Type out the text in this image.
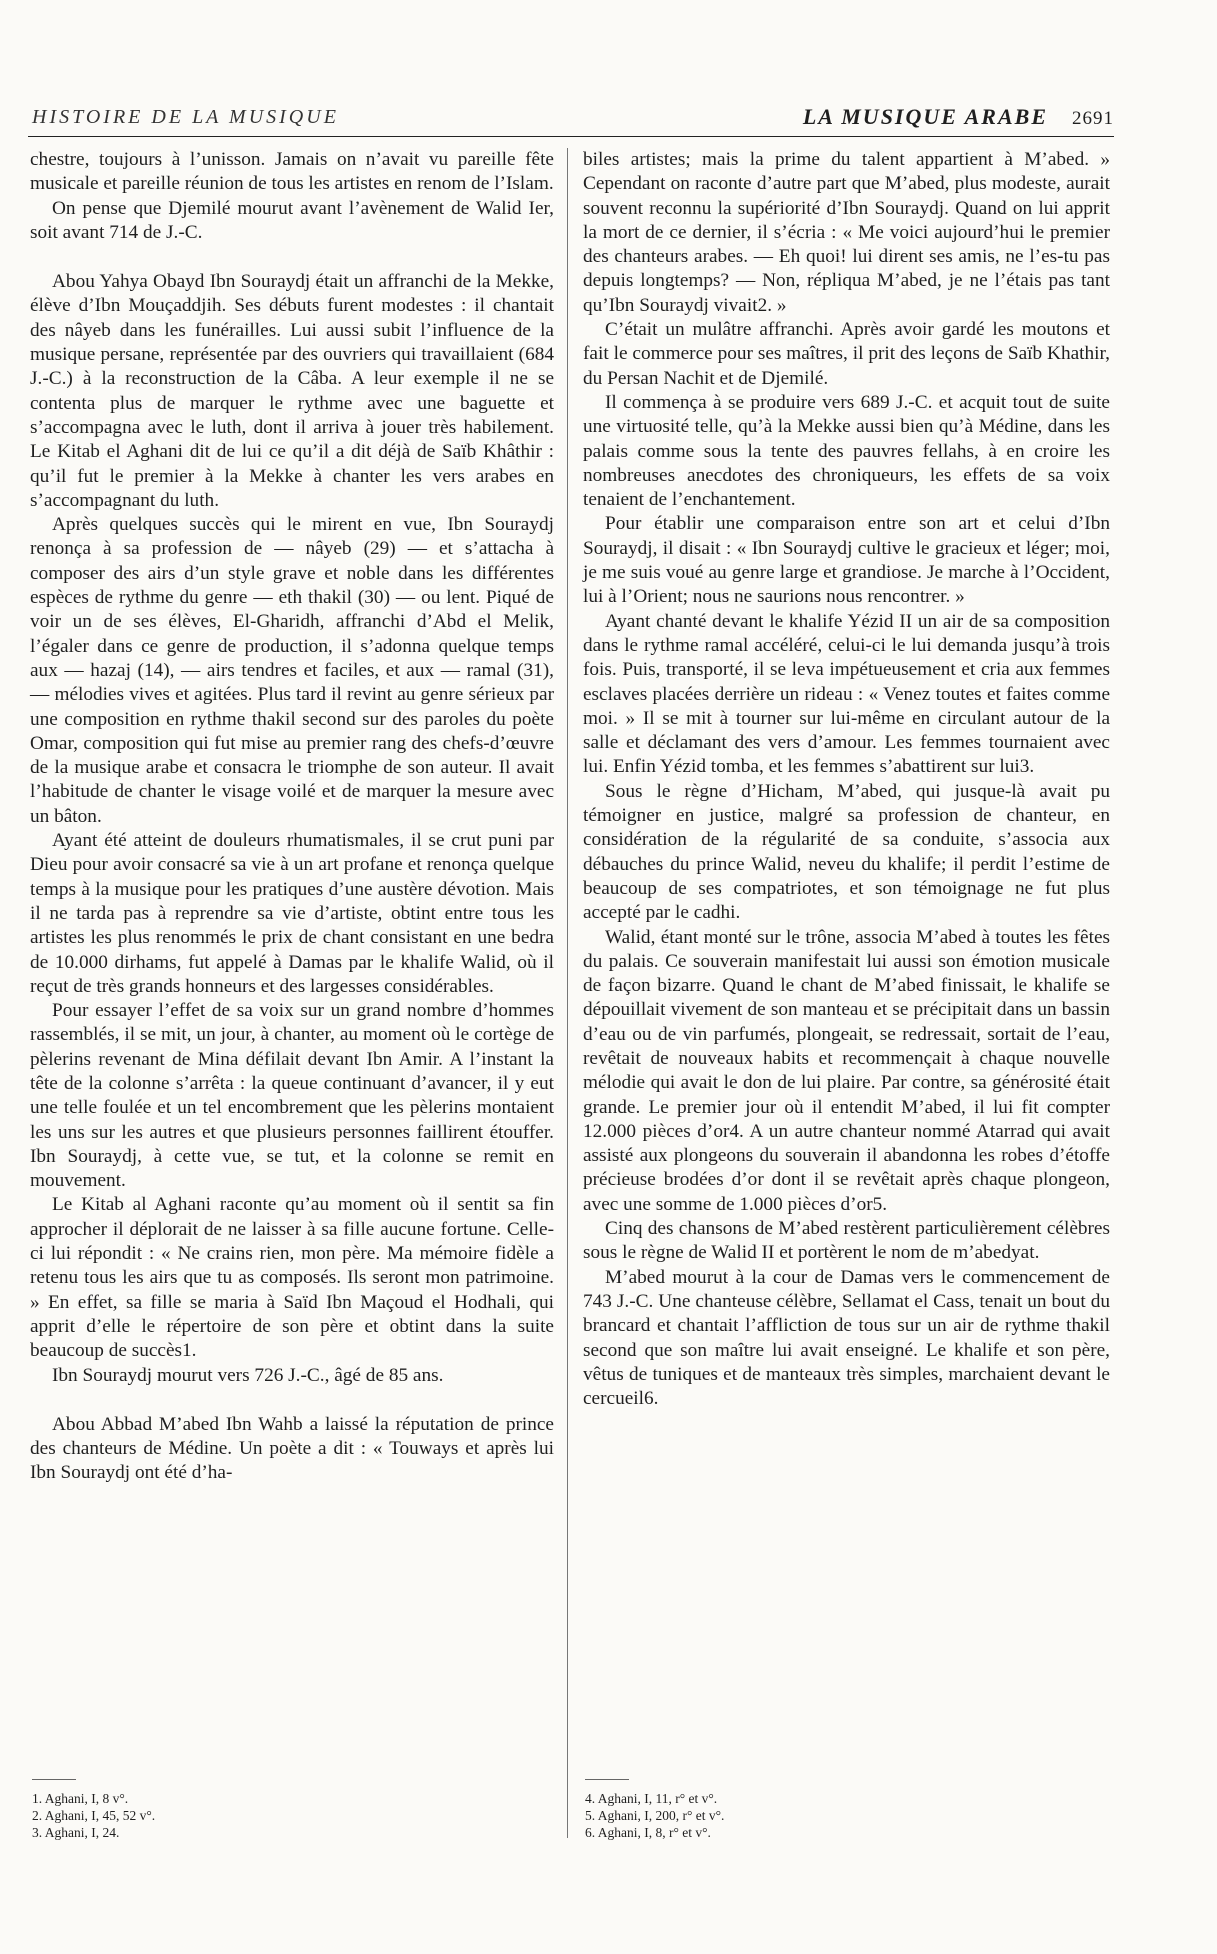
HISTOIRE DE LA MUSIQUE	LA MUSIQUE ARABE 2691

chestre, toujours à l’unisson. Jamais on n’avait vu pareille fête musicale et pareille réunion de tous les artistes en renom de l’Islam.

On pense que Djemilé mourut avant l’avènement de Walid Ier, soit avant 714 de J.-C.

Abou Yahya Obayd Ibn Souraydj était un affranchi de la Mekke, élève d’Ibn Mouçaddjih. Ses débuts furent modestes : il chantait des nâyeb dans les funérailles. Lui aussi subit l’influence de la musique persane, représentée par des ouvriers qui travaillaient (684 J.-C.) à la reconstruction de la Câba. A leur exemple il ne se contenta plus de marquer le rythme avec une baguette et s’accompagna avec le luth, dont il arriva à jouer très habilement. Le Kitab el Aghani dit de lui ce qu’il a dit déjà de Saïb Khâthir : qu’il fut le premier à la Mekke à chanter les vers arabes en s’accompagnant du luth.

Après quelques succès qui le mirent en vue, Ibn Souraydj renonça à sa profession de — nâyeb (29) — et s’attacha à composer des airs d’un style grave et noble dans les différentes espèces de rythme du genre — eth thakil (30) — ou lent. Piqué de voir un de ses élèves, El-Gharidh, affranchi d’Abd el Melik, l’égaler dans ce genre de production, il s’adonna quelque temps aux — hazaj (14), — airs tendres et faciles, et aux — ramal (31), — mélodies vives et agitées. Plus tard il revint au genre sérieux par une composition en rythme thakil second sur des paroles du poète Omar, composition qui fut mise au premier rang des chefs-d’œuvre de la musique arabe et consacra le triomphe de son auteur. Il avait l’habitude de chanter le visage voilé et de marquer la mesure avec un bâton.

Ayant été atteint de douleurs rhumatismales, il se crut puni par Dieu pour avoir consacré sa vie à un art profane et renonça quelque temps à la musique pour les pratiques d’une austère dévotion. Mais il ne tarda pas à reprendre sa vie d’artiste, obtint entre tous les artistes les plus renommés le prix de chant consistant en une bedra de 10.000 dirhams, fut appelé à Damas par le khalife Walid, où il reçut de très grands honneurs et des largesses considérables.

Pour essayer l’effet de sa voix sur un grand nombre d’hommes rassemblés, il se mit, un jour, à chanter, au moment où le cortège de pèlerins revenant de Mina défilait devant Ibn Amir. A l’instant la tête de la colonne s’arrêta : la queue continuant d’avancer, il y eut une telle foulée et un tel encombrement que les pèlerins montaient les uns sur les autres et que plusieurs personnes faillirent étouffer. Ibn Souraydj, à cette vue, se tut, et la colonne se remit en mouvement.

Le Kitab al Aghani raconte qu’au moment où il sentit sa fin approcher il déplorait de ne laisser à sa fille aucune fortune. Celle-ci lui répondit : « Ne crains rien, mon père. Ma mémoire fidèle a retenu tous les airs que tu as composés. Ils seront mon patrimoine. » En effet, sa fille se maria à Saïd Ibn Maçoud el Hodhali, qui apprit d’elle le répertoire de son père et obtint dans la suite beaucoup de succès1.

Ibn Souraydj mourut vers 726 J.-C., âgé de 85 ans.

Abou Abbad M’abed Ibn Wahb a laissé la réputation de prince des chanteurs de Médine. Un poète a dit : « Touways et après lui Ibn Souraydj ont été d’ha-

biles artistes; mais la prime du talent appartient à M’abed. » Cependant on raconte d’autre part que M’abed, plus modeste, aurait souvent reconnu la supériorité d’Ibn Souraydj. Quand on lui apprit la mort de ce dernier, il s’écria : « Me voici aujourd’hui le premier des chanteurs arabes. — Eh quoi! lui dirent ses amis, ne l’es-tu pas depuis longtemps? — Non, répliqua M’abed, je ne l’étais pas tant qu’Ibn Souraydj vivait2. »

C’était un mulâtre affranchi. Après avoir gardé les moutons et fait le commerce pour ses maîtres, il prit des leçons de Saïb Khathir, du Persan Nachit et de Djemilé.

Il commença à se produire vers 689 J.-C. et acquit tout de suite une virtuosité telle, qu’à la Mekke aussi bien qu’à Médine, dans les palais comme sous la tente des pauvres fellahs, à en croire les nombreuses anecdotes des chroniqueurs, les effets de sa voix tenaient de l’enchantement.

Pour établir une comparaison entre son art et celui d’Ibn Souraydj, il disait : « Ibn Souraydj cultive le gracieux et léger; moi, je me suis voué au genre large et grandiose. Je marche à l’Occident, lui à l’Orient; nous ne saurions nous rencontrer. »

Ayant chanté devant le khalife Yézid II un air de sa composition dans le rythme ramal accéléré, celui-ci le lui demanda jusqu’à trois fois. Puis, transporté, il se leva impétueusement et cria aux femmes esclaves placées derrière un rideau : « Venez toutes et faites comme moi. » Il se mit à tourner sur lui-même en circulant autour de la salle et déclamant des vers d’amour. Les femmes tournaient avec lui. Enfin Yézid tomba, et les femmes s’abattirent sur lui3.

Sous le règne d’Hicham, M’abed, qui jusque-là avait pu témoigner en justice, malgré sa profession de chanteur, en considération de la régularité de sa conduite, s’associa aux débauches du prince Walid, neveu du khalife; il perdit l’estime de beaucoup de ses compatriotes, et son témoignage ne fut plus accepté par le cadhi.

Walid, étant monté sur le trône, associa M’abed à toutes les fêtes du palais. Ce souverain manifestait lui aussi son émotion musicale de façon bizarre. Quand le chant de M’abed finissait, le khalife se dépouillait vivement de son manteau et se précipitait dans un bassin d’eau ou de vin parfumés, plongeait, se redressait, sortait de l’eau, revêtait de nouveaux habits et recommençait à chaque nouvelle mélodie qui avait le don de lui plaire. Par contre, sa générosité était grande. Le premier jour où il entendit M’abed, il lui fit compter 12.000 pièces d’or4. A un autre chanteur nommé Atarrad qui avait assisté aux plongeons du souverain il abandonna les robes d’étoffe précieuse brodées d’or dont il se revêtait après chaque plongeon, avec une somme de 1.000 pièces d’or5.

Cinq des chansons de M’abed restèrent particulièrement célèbres sous le règne de Walid II et portèrent le nom de m’abedyat.

M’abed mourut à la cour de Damas vers le commencement de 743 J.-C. Une chanteuse célèbre, Sellamat el Cass, tenait un bout du brancard et chantait l’affliction de tous sur un air de rythme thakil second que son maître lui avait enseigné. Le khalife et son père, vêtus de tuniques et de manteaux très simples, marchaient devant le cercueil6.

1. Aghani, I, 8 v°.
2. Aghani, I, 45, 52 v°.
3. Aghani, I, 24.
4. Aghani, I, 11, r° et v°.
5. Aghani, I, 200, r° et v°.
6. Aghani, I, 8, r° et v°.
